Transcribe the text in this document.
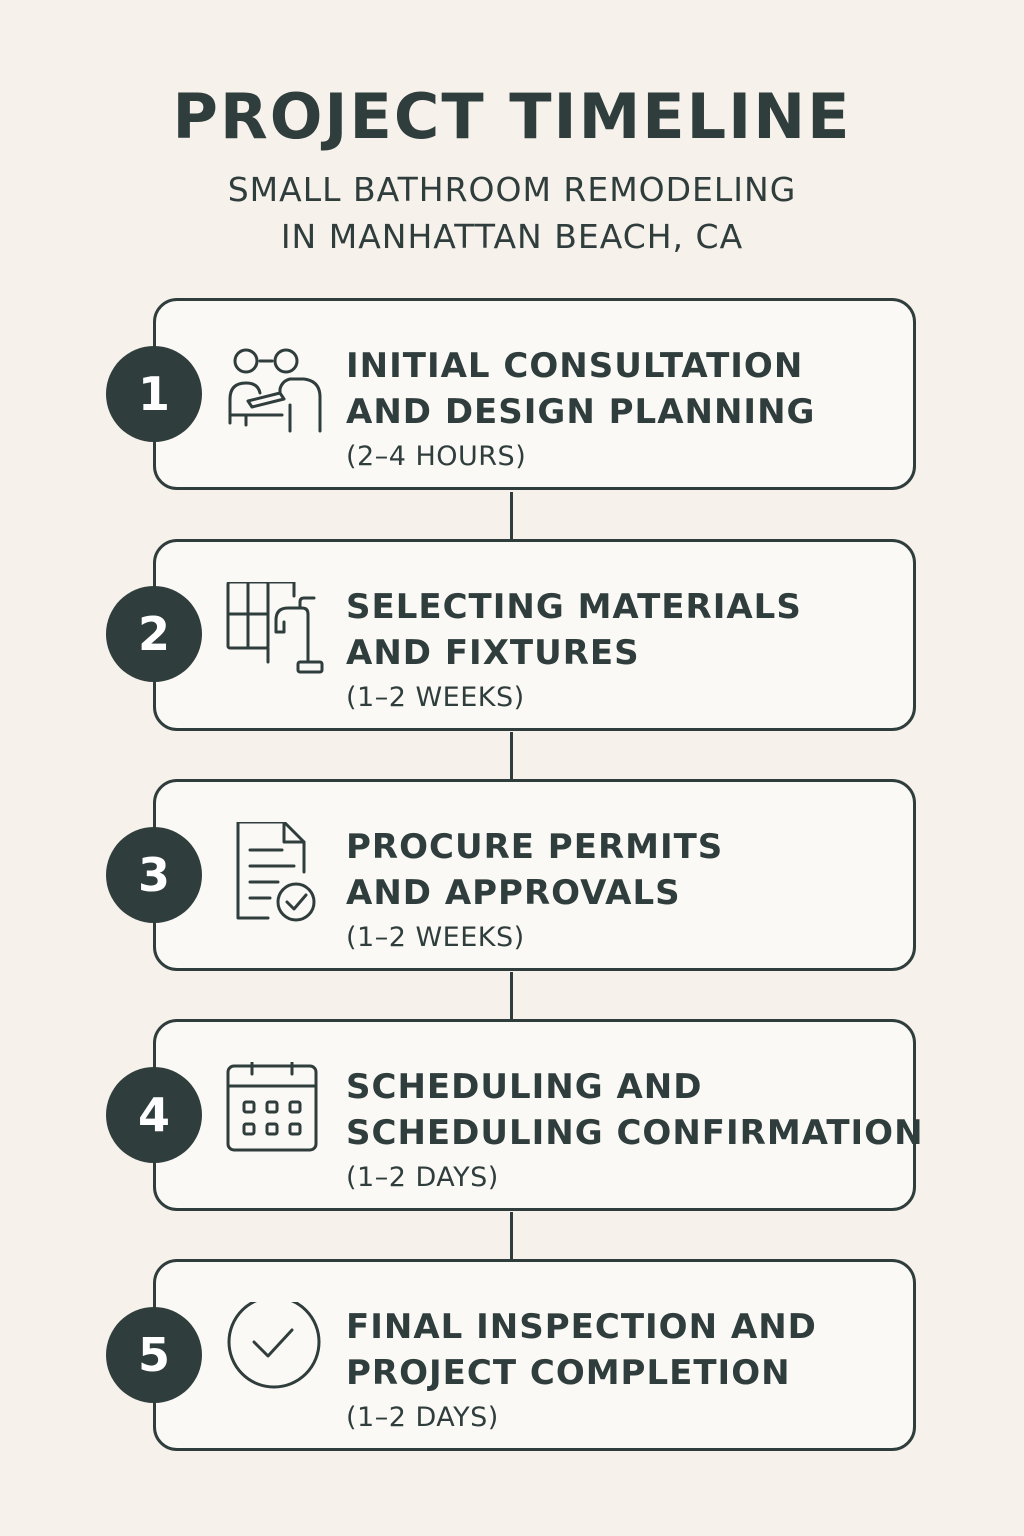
PROJECT TIMELINE
SMALL BATHROOM REMODELING
IN MANHATTAN BEACH, CA
INITIAL CONSULTATION
AND DESIGN PLANNING
(2–4 HOURS)
1
SELECTING MATERIALS
AND FIXTURES
(1–2 WEEKS)
2
PROCURE PERMITS
AND APPROVALS
(1–2 WEEKS)
3
SCHEDULING AND
SCHEDULING CONFIRMATION
(1–2 DAYS)
4
FINAL INSPECTION AND
PROJECT COMPLETION
(1–2 DAYS)
5
